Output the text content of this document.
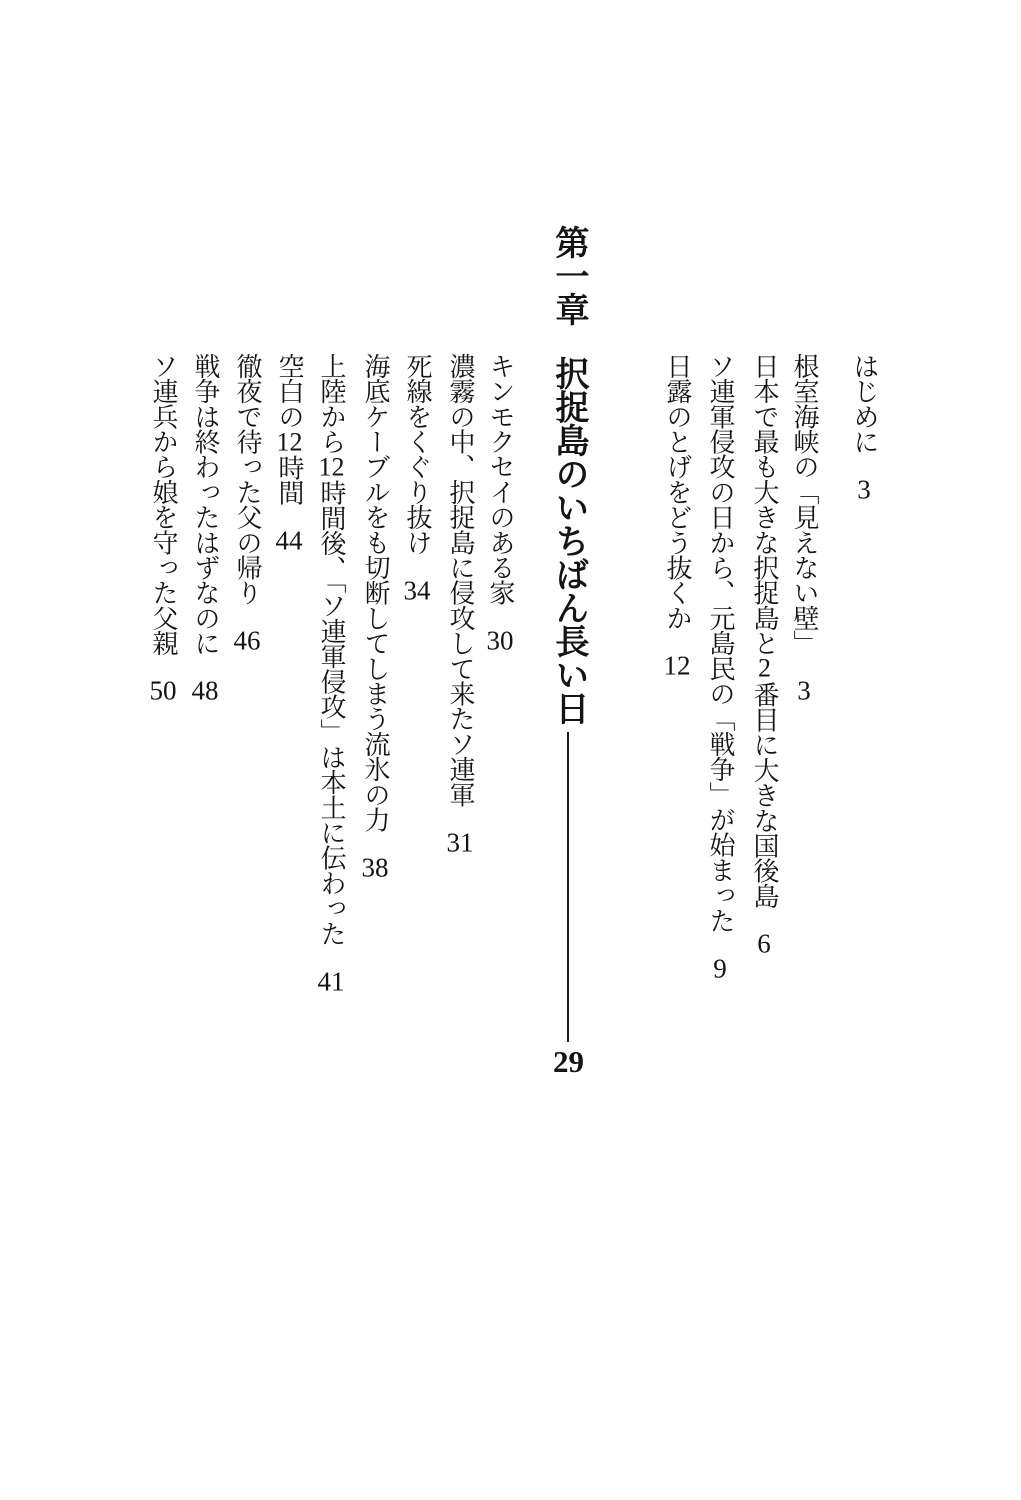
はじめに3
根室海峡の「見えない壁」3
日本で最も大きな択捉島と2番目に大きな国後島6
ソ連軍侵攻の日から、元島民の「戦争」が始まった9
日露のとげをどう抜くか12
第一章択捉島のいちばん長い日29
キンモクセイのある家30
濃霧の中、択捉島に侵攻して来たソ連軍31
死線をくぐり抜け34
海底ケーブルをも切断してしまう流氷の力38
上陸から12時間後、「ソ連軍侵攻」は本土に伝わった41
空白の12時間44
徹夜で待った父の帰り46
戦争は終わったはずなのに48
ソ連兵から娘を守った父親50
